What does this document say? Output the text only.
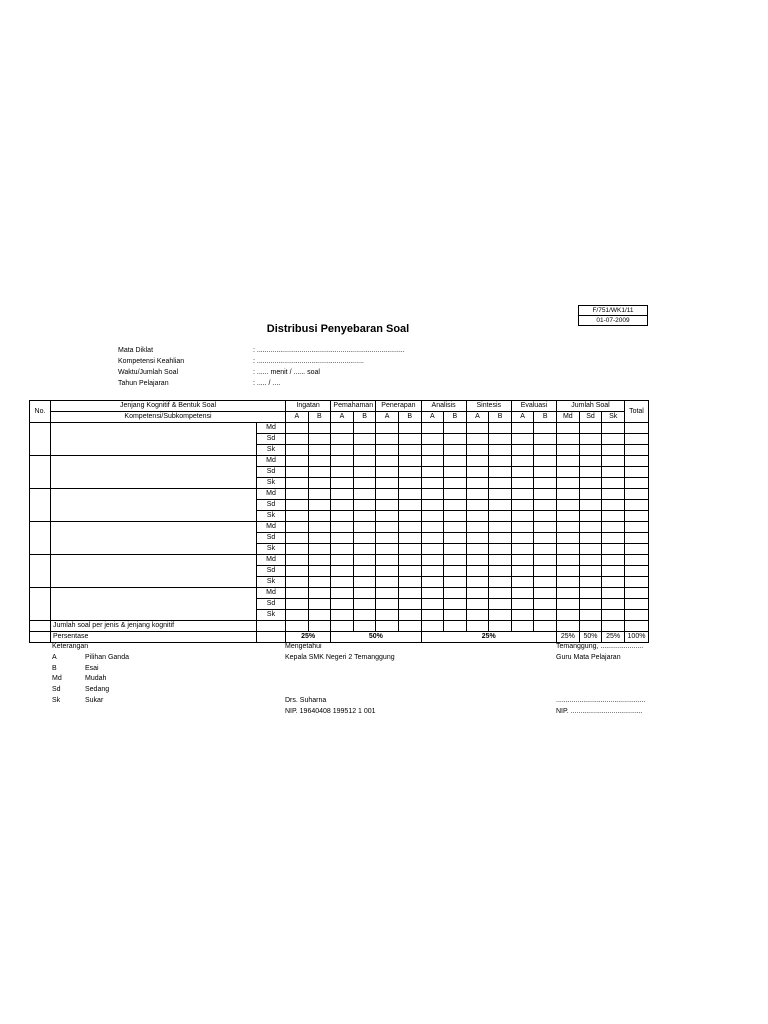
F/751/WK1/11
01-07-2009
Distribusi Penyebaran Soal
Mata Diklat	: ............................................................................
Kompetensi Keahlian	: .......................................................
Waktu/Jumlah Soal	: ...... menit / ...... soal
Tahun Pelajaran	: ..... / ....
No.	Jenjang Kognitif & Bentuk Soal		Ingatan		Pemahaman		Penerapan		Analisis		Sintesis		Evaluasi		Jumlah Soal			Total
	Kompetensi/Subkompetensi		A	B	A	B	A	B	A	B	A	B	A	B	Md	Sd	Sk	
		Md																
		Sd																
		Sk																
		Md																
		Sd																
		Sk																
		Md																
		Sd																
		Sk																
		Md																
		Sd																
		Sk																
		Md																
		Sd																
		Sk																
		Md																
		Sd																
		Sk																
	Jumlah soal per jenis & jenjang kognitif																	
	Persentase		25%		50%				25%						25%	50%	25%	100%
Keterangan
A	Pilihan Ganda
B	Esai
Md	Mudah
Sd	Sedang
Sk	Sukar
Mengetahui
Kepala SMK Negeri 2 Temanggung
Drs. Suharna
NIP. 19640408 199512 1 001
Temanggung, ......................
Guru Mata Pelajaran
..............................................
NIP. .....................................
